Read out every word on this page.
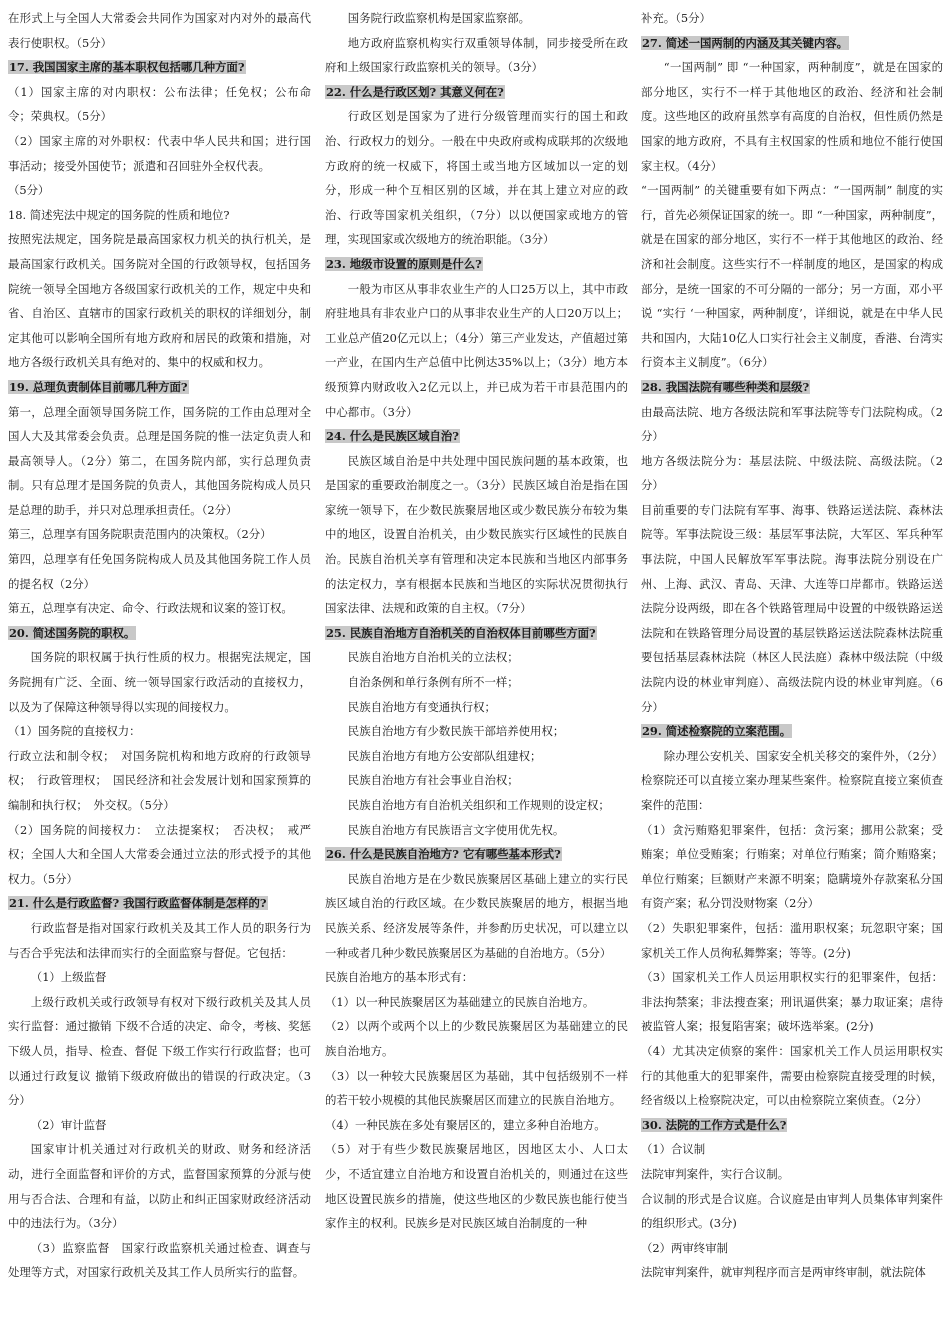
在形式上与全国人大常委会共同作为国家对内对外的最高代表行使职权。（5分）

17. 我国国家主席的基本职权包括哪几种方面?

（1）国家主席的对内职权：公布法律；任免权；公布命令；荣典权。（5分）

（2）国家主席的对外职权：代表中华人民共和国；进行国事活动；接受外国使节；派遣和召回驻外全权代表。

（5分）

18. 简述宪法中规定的国务院的性质和地位?

按照宪法规定，国务院是最高国家权力机关的执行机关，是最高国家行政机关。国务院对全国的行政领导权，包括国务院统一领导全国地方各级国家行政机关的工作，规定中央和省、自治区、直辖市的国家行政机关的职权的详细划分，制定其他可以影响全国所有地方政府和居民的政策和措施，对地方各级行政机关具有绝对的、集中的权威和权力。

19. 总理负责制体目前哪几种方面?

第一，总理全面领导国务院工作，国务院的工作由总理对全国人大及其常委会负责。总理是国务院的惟一法定负责人和最高领导人。（2分）第二，在国务院内部，实行总理负责制。只有总理才是国务院的负责人，其他国务院构成人员只是总理的助手，并只对总理承担责任。（2分）

第三，总理享有国务院职责范围内的决策权。（2分）

第四，总理享有任免国务院构成人员及其他国务院工作人员的提名权（2分）

第五，总理享有决定、命令、行政法规和议案的签订权。

20. 简述国务院的职权。

国务院的职权属于执行性质的权力。根据宪法规定，国务院拥有广泛、全面、统一领导国家行政活动的直接权力，以及为了保障这种领导得以实现的间接权力。

（1）国务院的直接权力：

行政立法和制令权；　对国务院机构和地方政府的行政领导权；　行政管理权；　国民经济和社会发展计划和国家预算的编制和执行权；　外交权。（5分）

（2）国务院的间接权力：　立法提案权；　否决权；　戒严权；全国人大和全国人大常委会通过立法的形式授予的其他权力。（5分）

21. 什么是行政监督? 我国行政监督体制是怎样的?

行政监督是指对国家行政机关及其工作人员的职务行为与否合乎宪法和法律而实行的全面监察与督促。它包括：

（1）上级监督

上级行政机关或行政领导有权对下级行政机关及其人员实行监督：通过撤销 下级不合适的决定、命令，考核、奖惩 下级人员，指导、检查、督促 下级工作实行行政监督；也可以通过行政复议 撤销下级政府做出的错误的行政决定。（3分）

（2）审计监督

国家审计机关通过对行政机关的财政、财务和经济活动，进行全面监督和评价的方式，监督国家预算的分派与使用与否合法、合理和有益，以防止和纠正国家财政经济活动中的违法行为。（3分）

（3）监察监督　国家行政监察机关通过检查、调查与处理等方式，对国家行政机关及其工作人员所实行的监督。

国务院行政监察机构是国家监察部。

地方政府监察机构实行双重领导体制，同步接受所在政府和上级国家行政监察机关的领导。（3分）

22. 什么是行政区划? 其意义何在?

行政区划是国家为了进行分级管理而实行的国土和政治、行政权力的划分。一般在中央政府或构成联邦的次级地方政府的统一权威下，将国土或当地方区域加以一定的划分，形成一种个互相区别的区域，并在其上建立对应的政治、行政等国家机关组织，（7分）以以便国家或地方的管理，实现国家或次级地方的统治职能。（3分）

23. 地级市设置的原则是什么?

一般为市区从事非农业生产的人口25万以上，其中市政府驻地具有非农业户口的从事非农业生产的人口20万以上；工业总产值20亿元以上；（4分）第三产业发达，产值超过第一产业，在国内生产总值中比例达35%以上；（3分）地方本级预算内财政收入2亿元以上，并已成为若干市县范围内的中心都市。（3分）

24. 什么是民族区域自治?

民族区域自治是中共处理中国民族问题的基本政策，也是国家的重要政治制度之一。（3分）民族区域自治是指在国家统一领导下，在少数民族聚居地区或少数民族分布较为集中的地区，设置自治机关，由少数民族实行区域性的民族自治。民族自治机关享有管理和决定本民族和当地区内部事务的法定权力，享有根据本民族和当地区的实际状况贯彻执行国家法律、法规和政策的自主权。（7分）

25. 民族自治地方自治机关的自治权体目前哪些方面?

民族自治地方自治机关的立法权；

自治条例和单行条例有所不一样；

民族自治地方有变通执行权；

民族自治地方有少数民族干部培养使用权；

民族自治地方有地方公安部队组建权；

民族自治地方有社会事业自治权；

民族自治地方有自治机关组织和工作规则的设定权；

民族自治地方有民族语言文字使用优先权。

26. 什么是民族自治地方? 它有哪些基本形式?

民族自治地方是在少数民族聚居区基础上建立的实行民族区域自治的行政区域。在少数民族聚居的地方，根据当地民族关系、经济发展等条件，并参酌历史状况，可以建立以一种或者几种少数民族聚居区为基础的自治地方。（5分）

民族自治地方的基本形式有：

（1）以一种民族聚居区为基础建立的民族自治地方。

（2）以两个或两个以上的少数民族聚居区为基础建立的民族自治地方。

（3）以一种较大民族聚居区为基础，其中包括级别不一样的若干较小规模的其他民族聚居区而建立的民族自治地方。

（4）一种民族在多处有聚居区的，建立多种自治地方。

（5）对于有些少数民族聚居地区，因地区太小、人口太少，不适宜建立自治地方和设置自治机关的，则通过在这些地区设置民族乡的措施，使这些地区的少数民族也能行使当家作主的权利。民族乡是对民族区域自治制度的一种

补充。（5分）

27. 简述一国两制的内涵及其关键内容。

“一国两制” 即 “一种国家，两种制度”，就是在国家的部分地区，实行不一样于其他地区的政治、经济和社会制度。这些地区的政府虽然享有高度的自治权，但性质仍然是国家的地方政府，不具有主权国家的性质和地位不能行使国家主权。（4分）

“一国两制” 的关键重要有如下两点：“一国两制” 制度的实行，首先必须保证国家的统一。即 “一种国家，两种制度”，就是在国家的部分地区，实行不一样于其他地区的政治、经济和社会制度。这些实行不一样制度的地区，是国家的构成部分，是统一国家的不可分隔的一部分；另一方面，邓小平说 “实行 ‘一种国家，两种制度’，详细说，就是在中华人民共和国内，大陆10亿人口实行社会主义制度，香港、台湾实行资本主义制度”。（6分）

28. 我国法院有哪些种类和层级?

由最高法院、地方各级法院和军事法院等专门法院构成。（2分）

地方各级法院分为：基层法院、中级法院、高级法院。（2分）

目前重要的专门法院有军事、海事、铁路运送法院、森林法院等。军事法院设三级：基层军事法院，大军区、军兵种军事法院，中国人民解放军军事法院。海事法院分别设在广州、上海、武汉、青岛、天津、大连等口岸都市。铁路运送法院分设两级，即在各个铁路管理局中设置的中级铁路运送法院和在铁路管理分局设置的基层铁路运送法院森林法院重要包括基层森林法院（林区人民法庭）森林中级法院（中级法院内设的林业审判庭）、高级法院内设的林业审判庭。（6分）

29. 简述检察院的立案范围。

除办理公安机关、国家安全机关移交的案件外，（2分）检察院还可以直接立案办理某些案件。检察院直接立案侦查案件的范围：

（1）贪污贿赂犯罪案件，包括：贪污案；挪用公款案；受贿案；单位受贿案；行贿案；对单位行贿案；简介贿赂案；单位行贿案；巨额财产来源不明案；隐瞒境外存款案私分国有资产案；私分罚没财物案（2分）

（2）失职犯罪案件，包括：滥用职权案；玩忽职守案；国家机关工作人员徇私舞弊案；等等。(2分)

（3）国家机关工作人员运用职权实行的犯罪案件，包括：非法拘禁案；非法搜查案；刑讯逼供案；暴力取证案；虐待被监管人案；报复陷害案；破坏选举案。(2分)

（4）尤其决定侦察的案件：国家机关工作人员运用职权实行的其他重大的犯罪案件，需要由检察院直接受理的时候，经省级以上检察院决定，可以由检察院立案侦查。（2分）

30. 法院的工作方式是什么?

（1）合议制

法院审判案件，实行合议制。

合议制的形式是合议庭。合议庭是由审判人员集体审判案件的组织形式。(3分)

（2）两审终审制

法院审判案件，就审判程序而言是两审终审制，就法院体
